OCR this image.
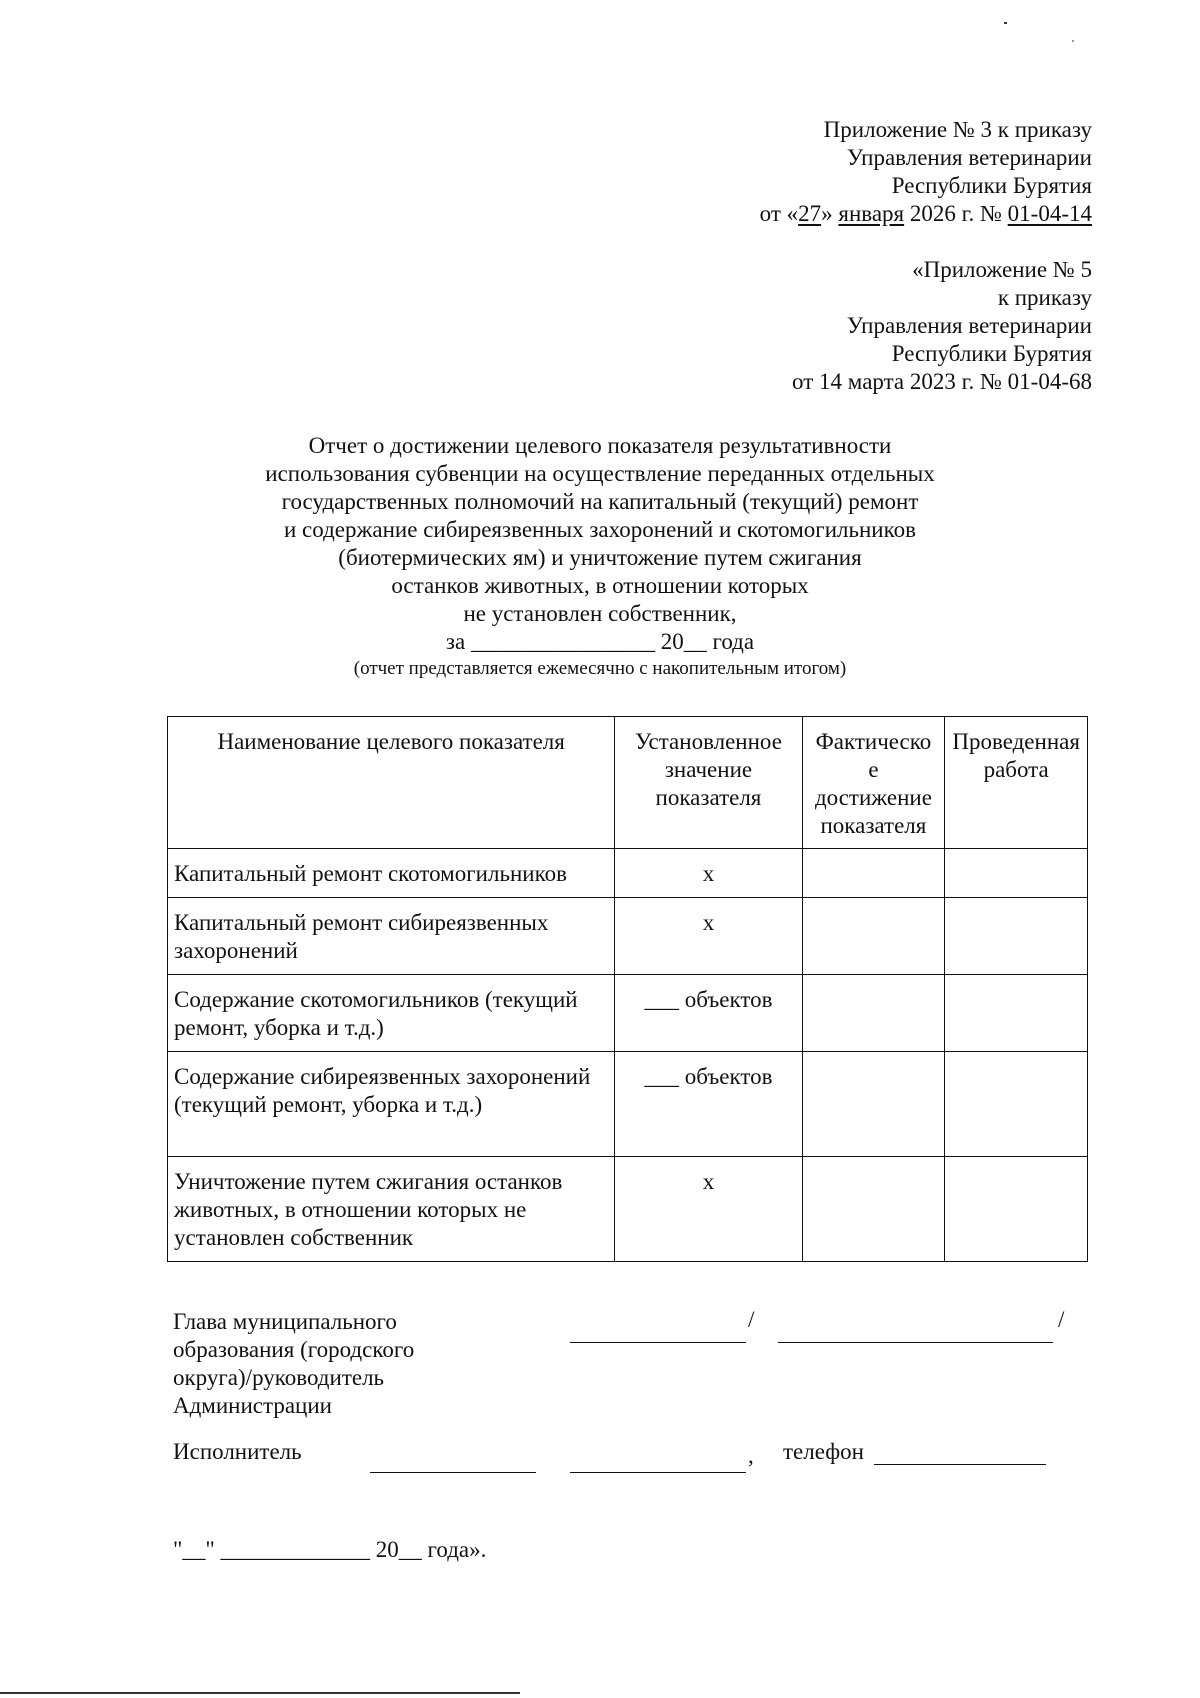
Приложение № 3 к приказу
Управления ветеринарии
Республики Бурятия
от «27» января 2026 г. № 01-04-14
«Приложение № 5
к приказу
Управления ветеринарии
Республики Бурятия
от 14 марта 2023 г. № 01-04-68
Отчет о достижении целевого показателя результативности
использования субвенции на осуществление переданных отдельных
государственных полномочий на капитальный (текущий) ремонт
и содержание сибиреязвенных захоронений и скотомогильников
(биотермических ям) и уничтожение путем сжигания
останков животных, в отношении которых
не установлен собственник,
за ________________ 20__ года
(отчет представляется ежемесячно с накопительным итогом)
Наименование целевого показателя	Установленное значение показателя	Фактическо е достижение показателя	Проведенная работа
Капитальный ремонт скотомогильников	x		
Капитальный ремонт сибиреязвенных захоронений	x		
Содержание скотомогильников (текущий ремонт, уборка и т.д.)	___ объектов		
Содержание сибиреязвенных захоронений (текущий ремонт, уборка и т.д.)	___ объектов		
Уничтожение путем сжигания останков животных, в отношении которых не установлен собственник	x		
Глава муниципального
образования (городского
округа)/руководитель
Администрации
/	/
Исполнитель	, телефон
"__" _____________ 20__ года».
